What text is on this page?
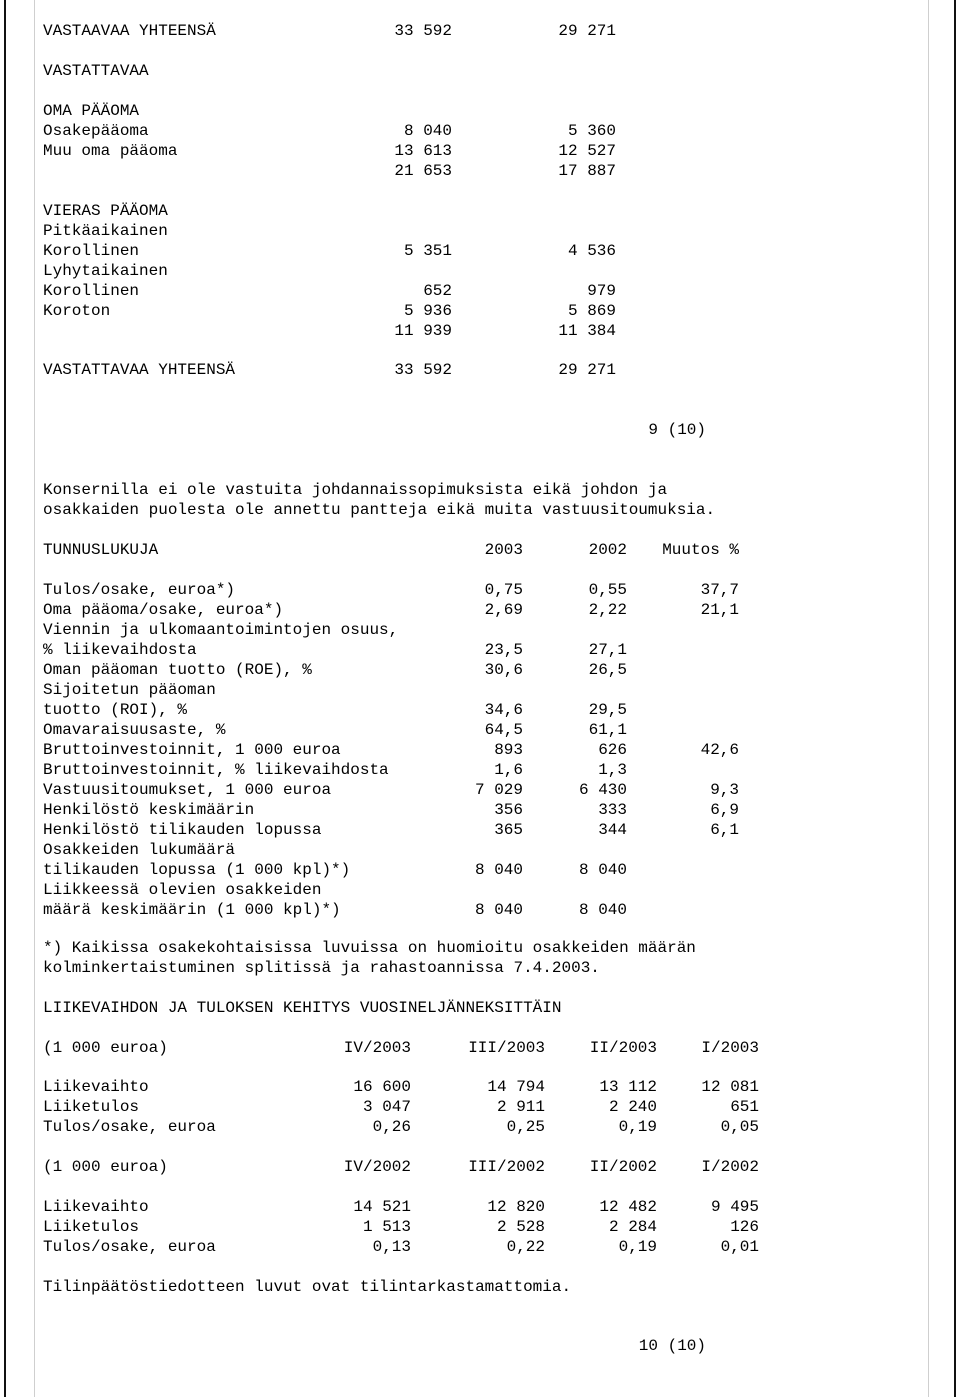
VASTAAVAA YHTEENSÄ	33 592	29 271
VASTATTAVAA
OMA PÄÄOMA
Osakepääoma	8 040	5 360
Muu oma pääoma	13 613	12 527
21 653	17 887
VIERAS PÄÄOMA
Pitkäaikainen
Korollinen	5 351	4 536
Lyhytaikainen
Korollinen	652	979
Koroton	5 936	5 869
11 939	11 384
VASTATTAVAA YHTEENSÄ	33 592	29 271
9 (10)
Konsernilla ei ole vastuita johdannaissopimuksista eikä johdon ja
osakkaiden puolesta ole annettu pantteja eikä muita vastuusitoumuksia.
TUNNUSLUKUJA	2003	2002	Muutos %
Tulos/osake, euroa*)	0,75	0,55	37,7
Oma pääoma/osake, euroa*)	2,69	2,22	21,1
Viennin ja ulkomaantoimintojen osuus,
% liikevaihdosta	23,5	27,1
Oman pääoman tuotto (ROE), %	30,6	26,5
Sijoitetun pääoman
tuotto (ROI), %	34,6	29,5
Omavaraisuusaste, %	64,5	61,1
Bruttoinvestoinnit, 1 000 euroa	893	626	42,6
Bruttoinvestoinnit, % liikevaihdosta	1,6	1,3
Vastuusitoumukset, 1 000 euroa	7 029	6 430	9,3
Henkilöstö keskimäärin	356	333	6,9
Henkilöstö tilikauden lopussa	365	344	6,1
Osakkeiden lukumäärä
tilikauden lopussa (1 000 kpl)*)	8 040	8 040
Liikkeessä olevien osakkeiden
määrä keskimäärin (1 000 kpl)*)	8 040	8 040
*) Kaikissa osakekohtaisissa luvuissa on huomioitu osakkeiden määrän
kolminkertaistuminen splitissä ja rahastoannissa 7.4.2003.
LIIKEVAIHDON JA TULOKSEN KEHITYS VUOSINELJÄNNEKSITTÄIN
(1 000 euroa)	IV/2003	III/2003	II/2003	I/2003
Liikevaihto	16 600	14 794	13 112	12 081
Liiketulos	3 047	2 911	2 240	651
Tulos/osake, euroa	0,26	0,25	0,19	0,05
(1 000 euroa)	IV/2002	III/2002	II/2002	I/2002
Liikevaihto	14 521	12 820	12 482	9 495
Liiketulos	1 513	2 528	2 284	126
Tulos/osake, euroa	0,13	0,22	0,19	0,01
Tilinpäätöstiedotteen luvut ovat tilintarkastamattomia.
10 (10)
